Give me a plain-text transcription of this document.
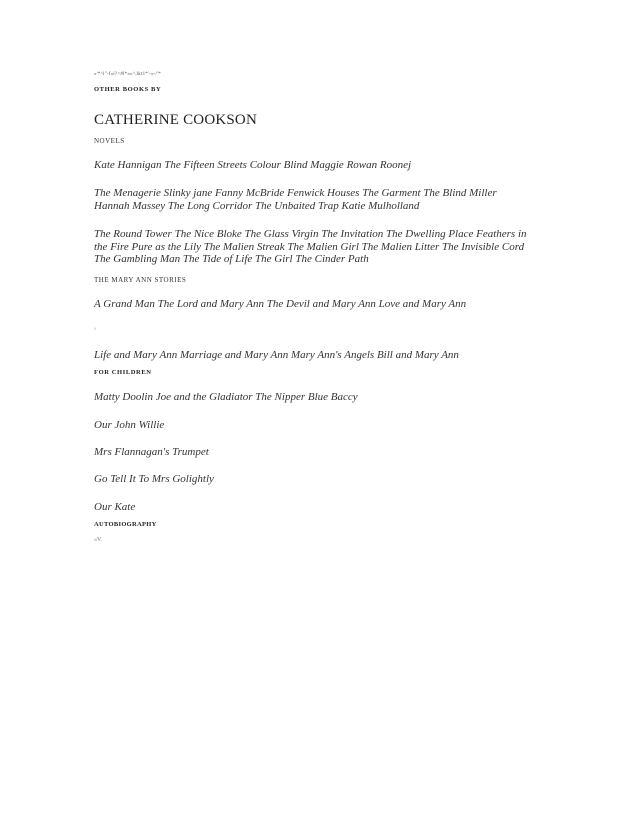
«'*^l"-f«i?<#l*»»^,lkt1*'-«-/'*

OTHER BOOKS BY

CATHERINE COOKSON

NOVELS

Kate Hannigan The Fifteen Streets Colour Blind Maggie Rowan Roonej

The Menagerie Slinky jane Fanny McBride Fenwick Houses The Garment The Blind Miller Hannah Massey The Long Corridor The Unbaited Trap Katie Mulholland

The Round Tower The Nice Bloke The Glass Virgin The Invitation The Dwelling Place Feathers in the Fire Pure as the Lily The Malien Streak The Malien Girl The Malien Litter The Invisible Cord The Gambling Man The Tide of Life The Girl The Cinder Path

THE MARY ANN STORIES

A Grand Man The Lord and Mary Ann The Devil and Mary Ann Love and Mary Ann

^

Life and Mary Ann Marriage and Mary Ann Mary Ann's Angels Bill and Mary Ann

FOR CHILDREN

Matty Doolin Joe and the Gladiator The Nipper Blue Baccy

Our John Willie

Mrs Flannagan's Trumpet

Go Tell It To Mrs Golightly

Our Kate

AUTOBIOGRAPHY

«V.
